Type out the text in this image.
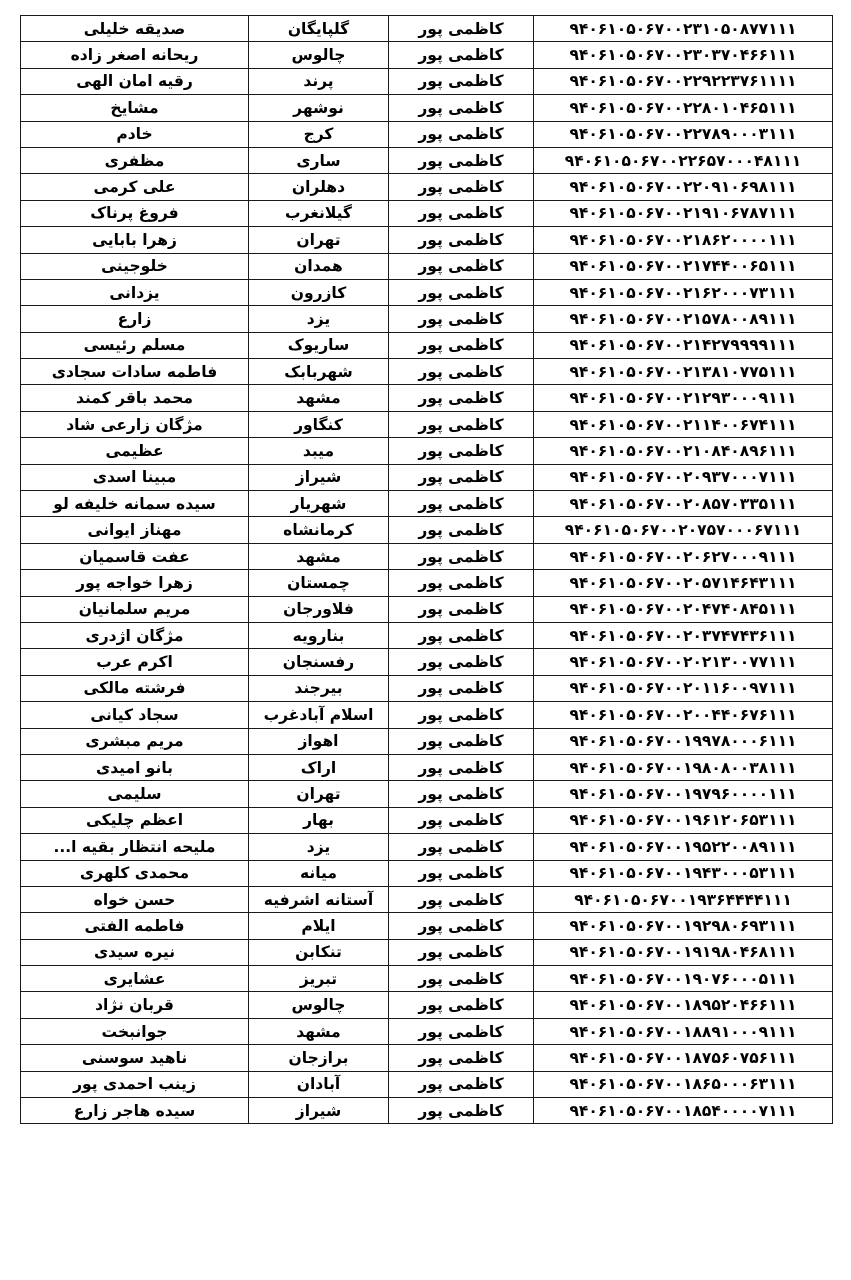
صدیقه خلیلی	گلپایگان	کاظمی پور	۹۴۰۶۱۰۵۰۶۷۰۰۲۳۱۰۵۰۸۷۷۱۱۱
ریحانه اصغر زاده	چالوس	کاظمی پور	۹۴۰۶۱۰۵۰۶۷۰۰۲۳۰۳۷۰۴۶۶۱۱۱
رقیه امان الهی	پرند	کاظمی پور	۹۴۰۶۱۰۵۰۶۷۰۰۲۲۹۲۲۳۷۶۱۱۱۱
مشایخ	نوشهر	کاظمی پور	۹۴۰۶۱۰۵۰۶۷۰۰۲۲۸۰۱۰۴۶۵۱۱۱
خادم	کرج	کاظمی پور	۹۴۰۶۱۰۵۰۶۷۰۰۲۲۷۸۹۰۰۰۳۱۱۱
مظفری	ساری	کاظمی پور	۹۴۰۶۱۰۵۰۶۷۰۰۲۲۶۵۷۰۰۰۴۸۱۱۱
علی کرمی	دهلران	کاظمی پور	۹۴۰۶۱۰۵۰۶۷۰۰۲۲۰۹۱۰۶۹۸۱۱۱
فروغ پرناک	گیلانغرب	کاظمی پور	۹۴۰۶۱۰۵۰۶۷۰۰۲۱۹۱۰۶۷۸۷۱۱۱
زهرا بابایی	تهران	کاظمی پور	۹۴۰۶۱۰۵۰۶۷۰۰۲۱۸۶۲۰۰۰۰۱۱۱
خلوجینی	همدان	کاظمی پور	۹۴۰۶۱۰۵۰۶۷۰۰۲۱۷۴۴۰۰۶۵۱۱۱
یزدانی	کازرون	کاظمی پور	۹۴۰۶۱۰۵۰۶۷۰۰۲۱۶۲۰۰۰۷۳۱۱۱
زارع	یزد	کاظمی پور	۹۴۰۶۱۰۵۰۶۷۰۰۲۱۵۷۸۰۰۸۹۱۱۱
مسلم رئیسی	ساریوک	کاظمی پور	۹۴۰۶۱۰۵۰۶۷۰۰۲۱۴۲۷۹۹۹۹۱۱۱
فاطمه سادات سجادی	شهربابک	کاظمی پور	۹۴۰۶۱۰۵۰۶۷۰۰۲۱۳۸۱۰۷۷۵۱۱۱
محمد باقر کمند	مشهد	کاظمی پور	۹۴۰۶۱۰۵۰۶۷۰۰۲۱۲۹۳۰۰۰۹۱۱۱
مژگان زارعی شاد	کنگاور	کاظمی پور	۹۴۰۶۱۰۵۰۶۷۰۰۲۱۱۴۰۰۶۷۴۱۱۱
عظیمی	میبد	کاظمی پور	۹۴۰۶۱۰۵۰۶۷۰۰۲۱۰۸۴۰۸۹۶۱۱۱
مبینا اسدی	شیراز	کاظمی پور	۹۴۰۶۱۰۵۰۶۷۰۰۲۰۹۳۷۰۰۰۷۱۱۱
سیده سمانه خلیفه لو	شهریار	کاظمی پور	۹۴۰۶۱۰۵۰۶۷۰۰۲۰۸۵۷۰۳۳۵۱۱۱
مهناز ایوانی	کرمانشاه	کاظمی پور	۹۴۰۶۱۰۵۰۶۷۰۰۲۰۷۵۷۰۰۰۶۷۱۱۱
عفت قاسمیان	مشهد	کاظمی پور	۹۴۰۶۱۰۵۰۶۷۰۰۲۰۶۲۷۰۰۰۹۱۱۱
زهرا خواجه پور	چمستان	کاظمی پور	۹۴۰۶۱۰۵۰۶۷۰۰۲۰۵۷۱۴۶۴۳۱۱۱
مریم سلمانیان	فلاورجان	کاظمی پور	۹۴۰۶۱۰۵۰۶۷۰۰۲۰۴۷۴۰۸۴۵۱۱۱
مژگان اژدری	بنارویه	کاظمی پور	۹۴۰۶۱۰۵۰۶۷۰۰۲۰۳۷۴۷۴۳۶۱۱۱
اکرم عرب	رفسنجان	کاظمی پور	۹۴۰۶۱۰۵۰۶۷۰۰۲۰۲۱۳۰۰۷۷۱۱۱
فرشته مالکی	بیرجند	کاظمی پور	۹۴۰۶۱۰۵۰۶۷۰۰۲۰۱۱۶۰۰۹۷۱۱۱
سجاد کیانی	اسلام آبادغرب	کاظمی پور	۹۴۰۶۱۰۵۰۶۷۰۰۲۰۰۴۴۰۶۷۶۱۱۱
مریم مبشری	اهواز	کاظمی پور	۹۴۰۶۱۰۵۰۶۷۰۰۱۹۹۷۸۰۰۰۶۱۱۱
بانو امیدی	اراک	کاظمی پور	۹۴۰۶۱۰۵۰۶۷۰۰۱۹۸۰۸۰۰۳۸۱۱۱
سلیمی	تهران	کاظمی پور	۹۴۰۶۱۰۵۰۶۷۰۰۱۹۷۹۶۰۰۰۰۱۱۱
اعظم چلیکی	بهار	کاظمی پور	۹۴۰۶۱۰۵۰۶۷۰۰۱۹۶۱۲۰۶۵۳۱۱۱
ملیحه انتظار بقیه ا...	یزد	کاظمی پور	۹۴۰۶۱۰۵۰۶۷۰۰۱۹۵۲۲۰۰۸۹۱۱۱
محمدی کلهری	میانه	کاظمی پور	۹۴۰۶۱۰۵۰۶۷۰۰۱۹۴۳۰۰۰۵۳۱۱۱
حسن خواه	آستانه اشرفیه	کاظمی پور	۹۴۰۶۱۰۵۰۶۷۰۰۱۹۳۶۴۴۴۴۱۱۱
فاطمه الفتی	ایلام	کاظمی پور	۹۴۰۶۱۰۵۰۶۷۰۰۱۹۲۹۸۰۶۹۳۱۱۱
نیره سیدی	تنکابن	کاظمی پور	۹۴۰۶۱۰۵۰۶۷۰۰۱۹۱۹۸۰۴۶۸۱۱۱
عشایری	تبریز	کاظمی پور	۹۴۰۶۱۰۵۰۶۷۰۰۱۹۰۷۶۰۰۰۵۱۱۱
قربان نژاد	چالوس	کاظمی پور	۹۴۰۶۱۰۵۰۶۷۰۰۱۸۹۵۲۰۴۶۶۱۱۱
جوانبخت	مشهد	کاظمی پور	۹۴۰۶۱۰۵۰۶۷۰۰۱۸۸۹۱۰۰۰۹۱۱۱
ناهید سوسنی	برازجان	کاظمی پور	۹۴۰۶۱۰۵۰۶۷۰۰۱۸۷۵۶۰۷۵۶۱۱۱
زینب احمدی پور	آبادان	کاظمی پور	۹۴۰۶۱۰۵۰۶۷۰۰۱۸۶۵۰۰۰۶۳۱۱۱
سیده هاجر زارع	شیراز	کاظمی پور	۹۴۰۶۱۰۵۰۶۷۰۰۱۸۵۴۰۰۰۰۷۱۱۱
